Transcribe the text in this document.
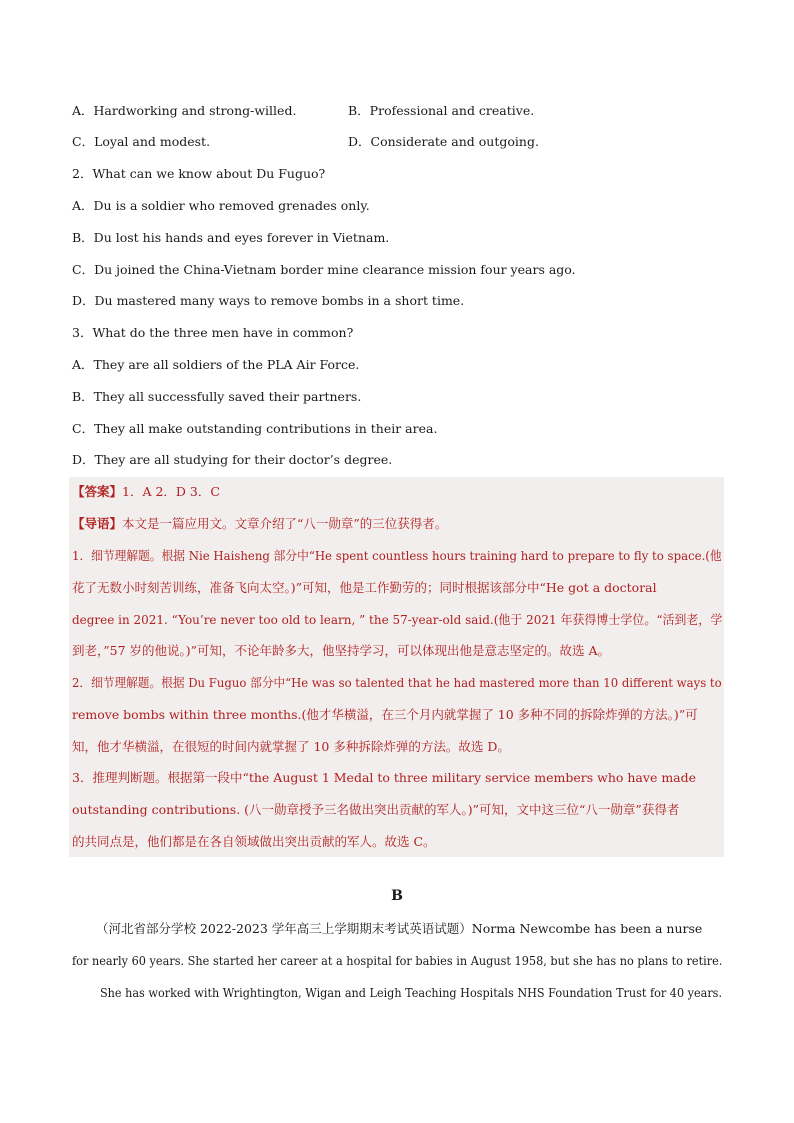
A．Hardworking and strong-willed.	B．Professional and creative.
C．Loyal and modest.	D．Considerate and outgoing.
2．What can we know about Du Fuguo?
A．Du is a soldier who removed grenades only.
B．Du lost his hands and eyes forever in Vietnam.
C．Du joined the China-Vietnam border mine clearance mission four years ago.
D．Du mastered many ways to remove bombs in a short time.
3．What do the three men have in common?
A．They are all soldiers of the PLA Air Force.
B．They all successfully saved their partners.
C．They all make outstanding contributions in their area.
D．They are all studying for their doctor’s degree.
【答案】1．A 2．D 3．C
【导语】本文是一篇应用文。文章介绍了“八一勋章”的三位获得者。
1．细节理解题。根据 Nie Haisheng 部分中“He spent countless hours training hard to prepare to fly to space.(他
花了无数小时刻苦训练，准备飞向太空。)”可知，他是工作勤劳的；同时根据该部分中“He got a doctoral
degree in 2021. “You’re never too old to learn, ” the 57-year-old said.(他于 2021 年获得博士学位。“活到老，学
到老，”57 岁的他说。)”可知，不论年龄多大，他坚持学习，可以体现出他是意志坚定的。故选 A。
2．细节理解题。根据 Du Fuguo 部分中“He was so talented that he had mastered more than 10 different ways to
remove bombs within three months.(他才华横溢，在三个月内就掌握了 10 多种不同的拆除炸弹的方法。)”可
知，他才华横溢，在很短的时间内就掌握了 10 多种拆除炸弹的方法。故选 D。
3．推理判断题。根据第一段中“the August 1 Medal to three military service members who have made
outstanding contributions. (八一勋章授予三名做出突出贡献的军人。)”可知，文中这三位“八一勋章”获得者
的共同点是，他们都是在各自领域做出突出贡献的军人。故选 C。
B
（河北省部分学校 2022-2023 学年高三上学期期末考试英语试题）Norma Newcombe has been a nurse
for nearly 60 years. She started her career at a hospital for babies in August 1958, but she has no plans to retire.
She has worked with Wrightington, Wigan and Leigh Teaching Hospitals NHS Foundation Trust for 40 years.
